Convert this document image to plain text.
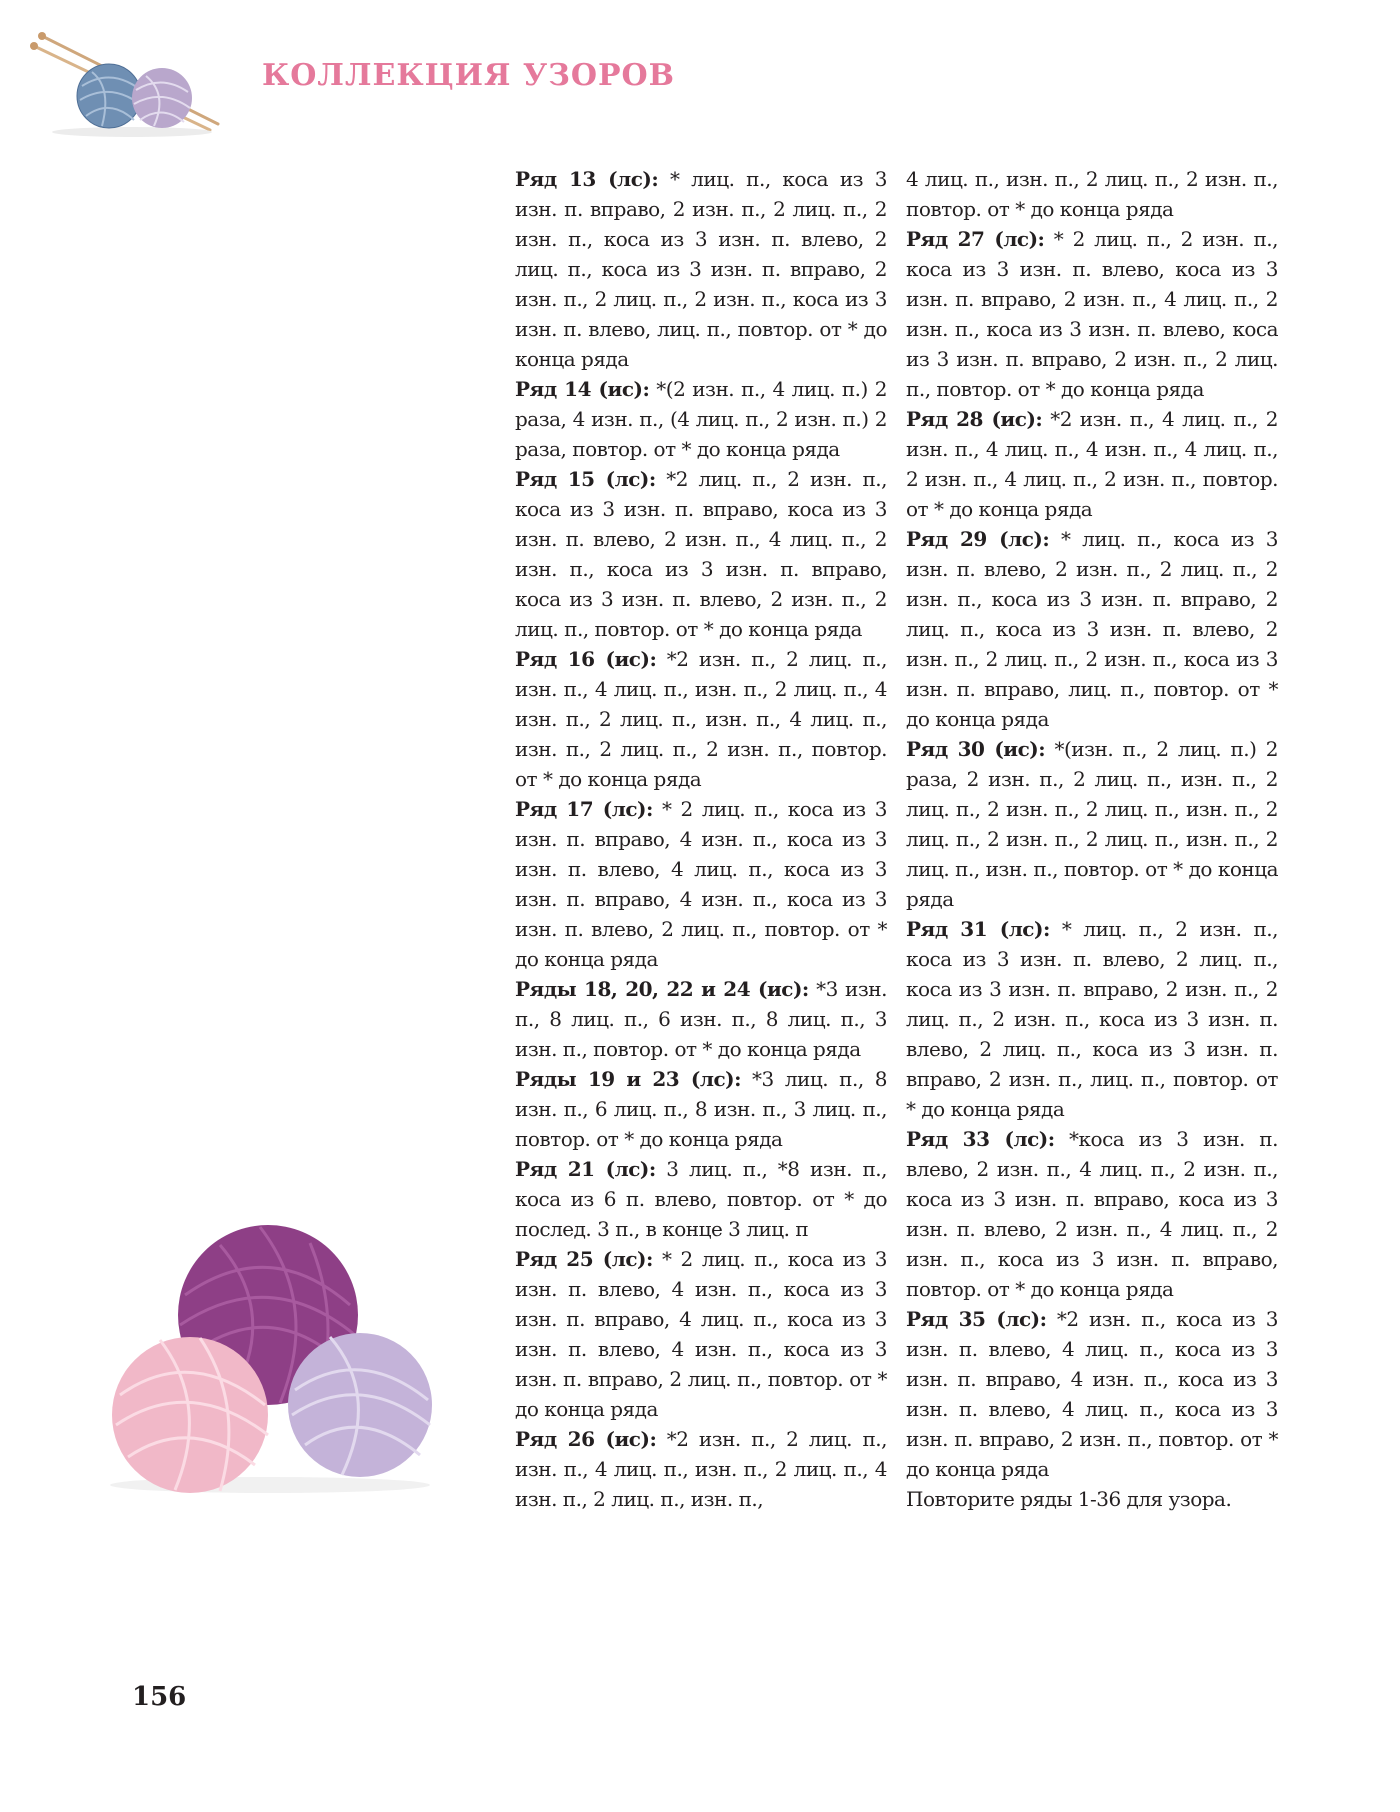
КОЛЛЕКЦИЯ УЗОРОВ

Ряд 13 (лс): * лиц. п., коса из 3 изн. п. вправо, 2 изн. п., 2 лиц. п., 2 изн. п., коса из 3 изн. п. влево, 2 лиц. п., коса из 3 изн. п. вправо, 2 изн. п., 2 лиц. п., 2 изн. п., коса из 3 изн. п. влево, лиц. п., повтор. от * до конца ряда

Ряд 14 (ис): *(2 изн. п., 4 лиц. п.) 2 раза, 4 изн. п., (4 лиц. п., 2 изн. п.) 2 раза, повтор. от * до конца ряда

Ряд 15 (лс): *2 лиц. п., 2 изн. п., коса из 3 изн. п. вправо, коса из 3 изн. п. влево, 2 изн. п., 4 лиц. п., 2 изн. п., коса из 3 изн. п. вправо, коса из 3 изн. п. влево, 2 изн. п., 2 лиц. п., повтор. от * до конца ряда

Ряд 16 (ис): *2 изн. п., 2 лиц. п., изн. п., 4 лиц. п., изн. п., 2 лиц. п., 4 изн. п., 2 лиц. п., изн. п., 4 лиц. п., изн. п., 2 лиц. п., 2 изн. п., повтор. от * до конца ряда

Ряд 17 (лс): * 2 лиц. п., коса из 3 изн. п. вправо, 4 изн. п., коса из 3 изн. п. влево, 4 лиц. п., коса из 3 изн. п. вправо, 4 изн. п., коса из 3 изн. п. влево, 2 лиц. п., повтор. от * до конца ряда

Ряды 18, 20, 22 и 24 (ис): *3 изн. п., 8 лиц. п., 6 изн. п., 8 лиц. п., 3 изн. п., повтор. от * до конца ряда

Ряды 19 и 23 (лс): *3 лиц. п., 8 изн. п., 6 лиц. п., 8 изн. п., 3 лиц. п., повтор. от * до конца ряда

Ряд 21 (лс): 3 лиц. п., *8 изн. п., коса из 6 п. влево, повтор. от * до послед. 3 п., в конце 3 лиц. п

Ряд 25 (лс): * 2 лиц. п., коса из 3 изн. п. влево, 4 изн. п., коса из 3 изн. п. вправо, 4 лиц. п., коса из 3 изн. п. влево, 4 изн. п., коса из 3 изн. п. вправо, 2 лиц. п., повтор. от * до конца ряда

Ряд 26 (ис): *2 изн. п., 2 лиц. п., изн. п., 4 лиц. п., изн. п., 2 лиц. п., 4 изн. п., 2 лиц. п., изн. п.,

4 лиц. п., изн. п., 2 лиц. п., 2 изн. п., повтор. от * до конца ряда

Ряд 27 (лс): * 2 лиц. п., 2 изн. п., коса из 3 изн. п. влево, коса из 3 изн. п. вправо, 2 изн. п., 4 лиц. п., 2 изн. п., коса из 3 изн. п. влево, коса из 3 изн. п. вправо, 2 изн. п., 2 лиц. п., повтор. от * до конца ряда

Ряд 28 (ис): *2 изн. п., 4 лиц. п., 2 изн. п., 4 лиц. п., 4 изн. п., 4 лиц. п., 2 изн. п., 4 лиц. п., 2 изн. п., повтор. от * до конца ряда

Ряд 29 (лс): * лиц. п., коса из 3 изн. п. влево, 2 изн. п., 2 лиц. п., 2 изн. п., коса из 3 изн. п. вправо, 2 лиц. п., коса из 3 изн. п. влево, 2 изн. п., 2 лиц. п., 2 изн. п., коса из 3 изн. п. вправо, лиц. п., повтор. от * до конца ряда

Ряд 30 (ис): *(изн. п., 2 лиц. п.) 2 раза, 2 изн. п., 2 лиц. п., изн. п., 2 лиц. п., 2 изн. п., 2 лиц. п., изн. п., 2 лиц. п., 2 изн. п., 2 лиц. п., изн. п., 2 лиц. п., изн. п., повтор. от * до конца ряда

Ряд 31 (лс): * лиц. п., 2 изн. п., коса из 3 изн. п. влево, 2 лиц. п., коса из 3 изн. п. вправо, 2 изн. п., 2 лиц. п., 2 изн. п., коса из 3 изн. п. влево, 2 лиц. п., коса из 3 изн. п. вправо, 2 изн. п., лиц. п., повтор. от * до конца ряда

Ряд 33 (лс): *коса из 3 изн. п. влево, 2 изн. п., 4 лиц. п., 2 изн. п., коса из 3 изн. п. вправо, коса из 3 изн. п. влево, 2 изн. п., 4 лиц. п., 2 изн. п., коса из 3 изн. п. вправо, повтор. от * до конца ряда

Ряд 35 (лс): *2 изн. п., коса из 3 изн. п. влево, 4 лиц. п., коса из 3 изн. п. вправо, 4 изн. п., коса из 3 изн. п. влево, 4 лиц. п., коса из 3 изн. п. вправо, 2 изн. п., повтор. от * до конца ряда

Повторите ряды 1-36 для узора.

156
